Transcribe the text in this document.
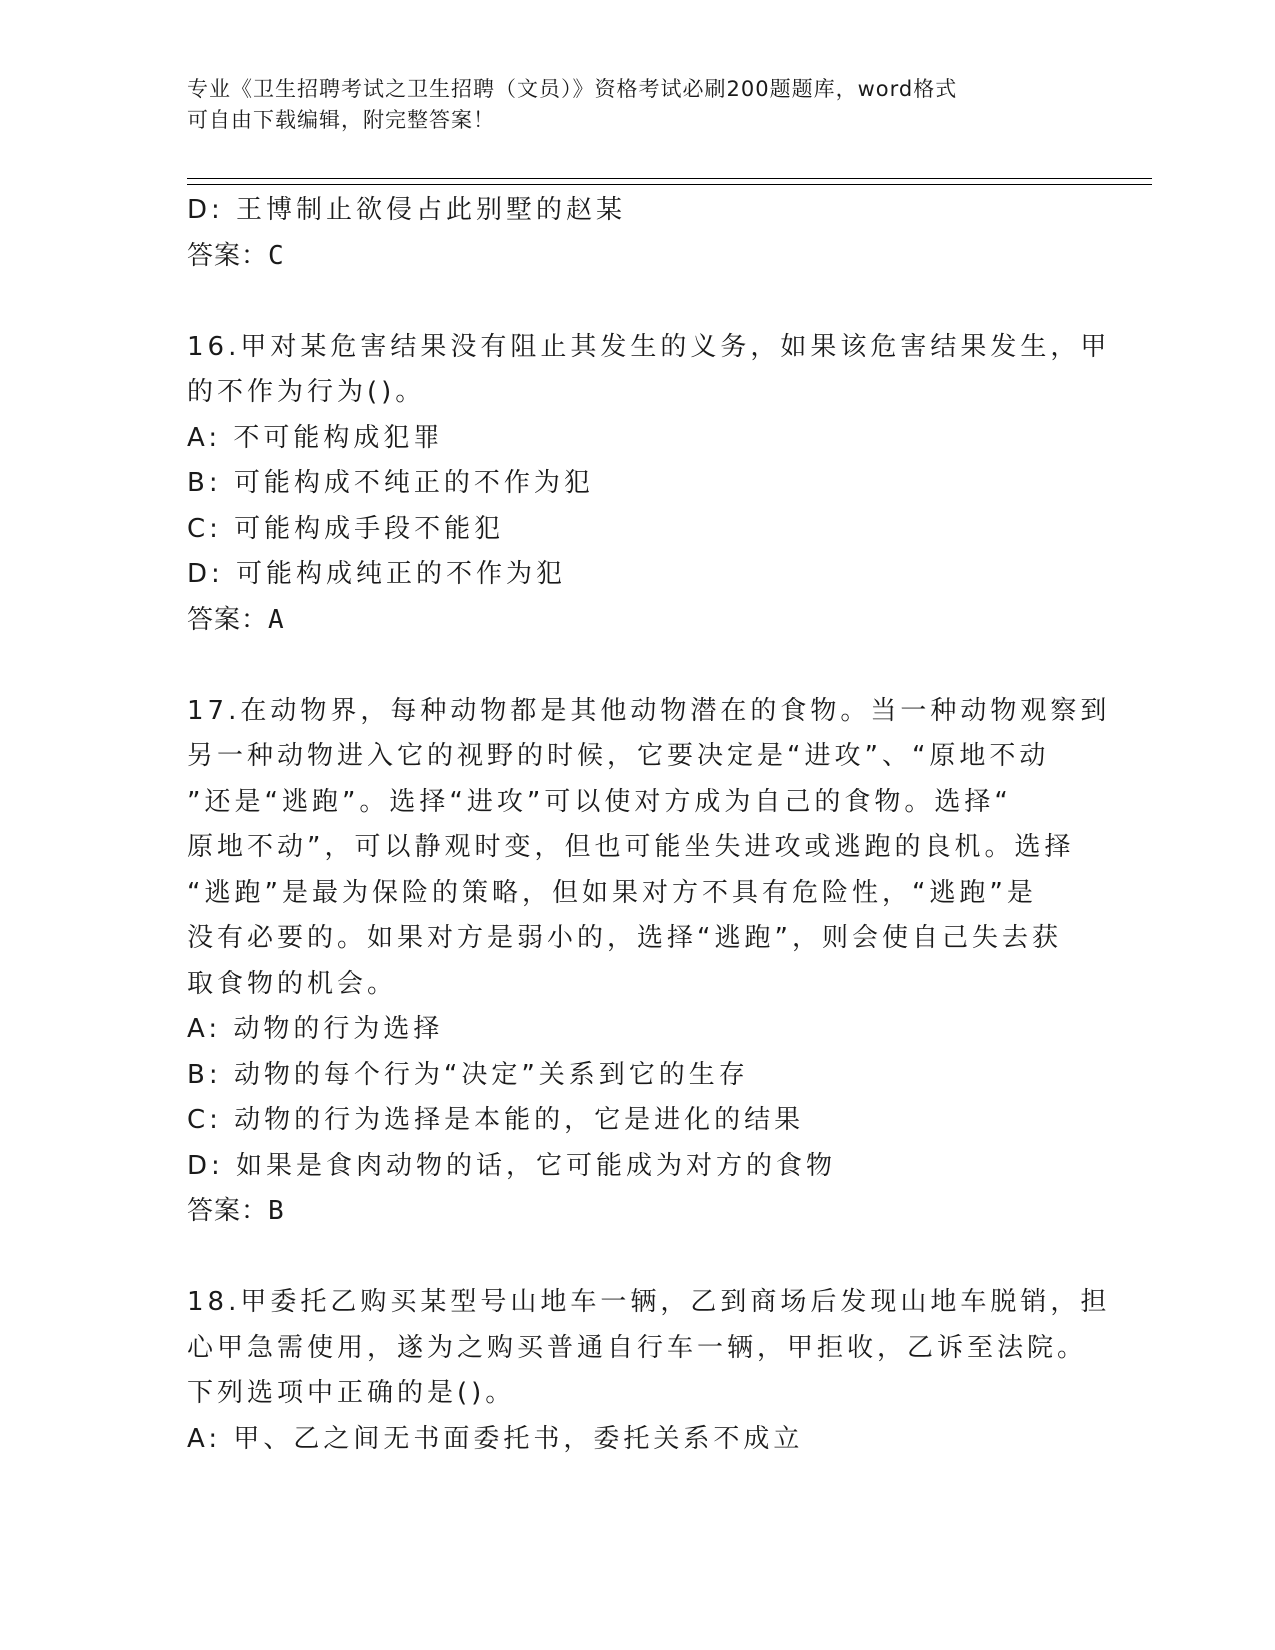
专业《卫生招聘考试之卫生招聘（文员）》资格考试必刷200题题库，word格式
可自由下载编辑，附完整答案！
D: 王博制止欲侵占此别墅的赵某
答案：C
16.甲对某危害结果没有阻止其发生的义务，如果该危害结果发生，甲
的不作为行为()。
A: 不可能构成犯罪
B: 可能构成不纯正的不作为犯
C: 可能构成手段不能犯
D: 可能构成纯正的不作为犯
答案：A
17.在动物界，每种动物都是其他动物潜在的食物。当一种动物观察到
另一种动物进入它的视野的时候，它要决定是“进攻”、“原地不动
”还是“逃跑”。选择“进攻”可以使对方成为自己的食物。选择“
原地不动”，可以静观时变，但也可能坐失进攻或逃跑的良机。选择
“逃跑”是最为保险的策略，但如果对方不具有危险性，“逃跑”是
没有必要的。如果对方是弱小的，选择“逃跑”，则会使自己失去获
取食物的机会。
A: 动物的行为选择
B: 动物的每个行为“决定”关系到它的生存
C: 动物的行为选择是本能的，它是进化的结果
D: 如果是食肉动物的话，它可能成为对方的食物
答案：B
18.甲委托乙购买某型号山地车一辆，乙到商场后发现山地车脱销，担
心甲急需使用，遂为之购买普通自行车一辆，甲拒收，乙诉至法院。
下列选项中正确的是()。
A: 甲、乙之间无书面委托书，委托关系不成立
